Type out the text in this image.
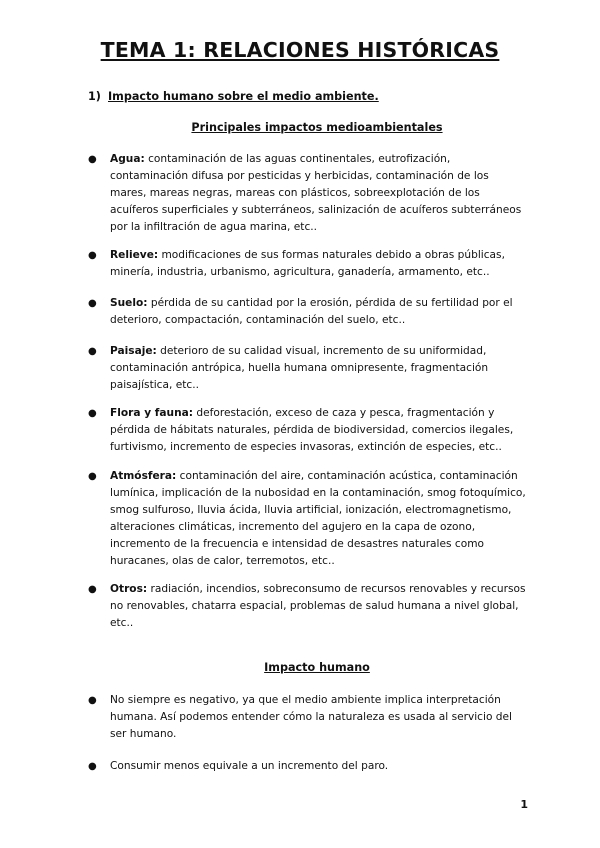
TEMA 1: RELACIONES HISTÓRICAS
1) Impacto humano sobre el medio ambiente.
Principales impactos medioambientales
● Agua: contaminación de las aguas continentales, eutrofización, contaminación difusa por pesticidas y herbicidas, contaminación de los mares, mareas negras, mareas con plásticos, sobreexplotación de los acuíferos superficiales y subterráneos, salinización de acuíferos subterráneos por la infiltración de agua marina, etc..
● Relieve: modificaciones de sus formas naturales debido a obras públicas, minería, industria, urbanismo, agricultura, ganadería, armamento, etc..
● Suelo: pérdida de su cantidad por la erosión, pérdida de su fertilidad por el deterioro, compactación, contaminación del suelo, etc..
● Paisaje: deterioro de su calidad visual, incremento de su uniformidad, contaminación antrópica, huella humana omnipresente, fragmentación paisajística, etc..
● Flora y fauna: deforestación, exceso de caza y pesca, fragmentación y pérdida de hábitats naturales, pérdida de biodiversidad, comercios ilegales, furtivismo, incremento de especies invasoras, extinción de especies, etc..
● Atmósfera: contaminación del aire, contaminación acústica, contaminación lumínica, implicación de la nubosidad en la contaminación, smog fotoquímico, smog sulfuroso, lluvia ácida, lluvia artificial, ionización, electromagnetismo, alteraciones climáticas, incremento del agujero en la capa de ozono, incremento de la frecuencia e intensidad de desastres naturales como huracanes, olas de calor, terremotos, etc..
● Otros: radiación, incendios, sobreconsumo de recursos renovables y recursos no renovables, chatarra espacial, problemas de salud humana a nivel global, etc..
Impacto humano
● No siempre es negativo, ya que el medio ambiente implica interpretación humana. Así podemos entender cómo la naturaleza es usada al servicio del ser humano.
● Consumir menos equivale a un incremento del paro.
1
